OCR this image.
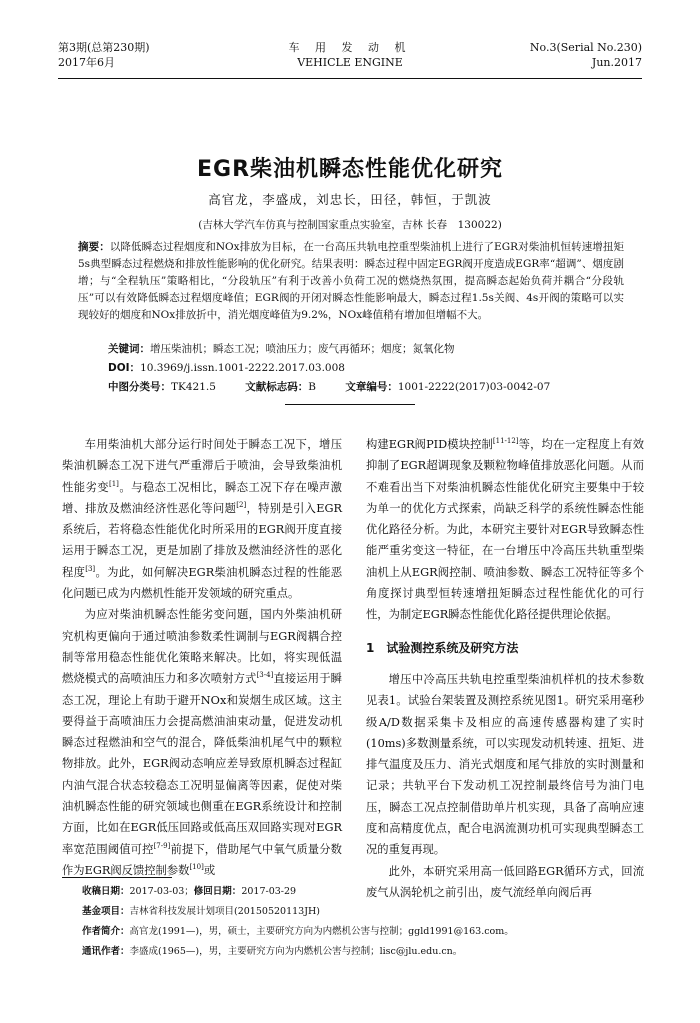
第3期(总第230期)
2017年6月
车 用 发 动 机
VEHICLE ENGINE
No.3(Serial No.230)
Jun.2017
EGR柴油机瞬态性能优化研究
高官龙，李盛成，刘忠长，田径，韩恒，于凯波
(吉林大学汽车仿真与控制国家重点实验室，吉林 长春　130022)
摘要：以降低瞬态过程烟度和NOx排放为目标，在一台高压共轨电控重型柴油机上进行了EGR对柴油机恒转速增扭矩5s典型瞬态过程燃烧和排放性能影响的优化研究。结果表明：瞬态过程中固定EGR阀开度造成EGR率“超调”、烟度剧增；与“全程轨压”策略相比，“分段轨压”有利于改善小负荷工况的燃烧热氛围，提高瞬态起始负荷并耦合“分段轨压”可以有效降低瞬态过程烟度峰值；EGR阀的开闭对瞬态性能影响最大，瞬态过程1.5s关阀、4s开阀的策略可以实现较好的烟度和NOx排放折中，消光烟度峰值为9.2%，NOx峰值稍有增加但增幅不大。
关键词：增压柴油机；瞬态工况；喷油压力；废气再循环；烟度；氮氧化物
DOI：10.3969/j.issn.1001-2222.2017.03.008
中图分类号：TK421.5	文献标志码：B	文章编号：1001-2222(2017)03-0042-07

车用柴油机大部分运行时间处于瞬态工况下，增压柴油机瞬态工况下进气严重滞后于喷油，会导致柴油机性能劣变[1]。与稳态工况相比，瞬态工况下存在噪声激增、排放及燃油经济性恶化等问题[2]，特别是引入EGR系统后，若将稳态性能优化时所采用的EGR阀开度直接运用于瞬态工况，更是加剧了排放及燃油经济性的恶化程度[3]。为此，如何解决EGR柴油机瞬态过程的性能恶化问题已成为内燃机性能开发领域的研究重点。

为应对柴油机瞬态性能劣变问题，国内外柴油机研究机构更偏向于通过喷油参数柔性调制与EGR阀耦合控制等常用稳态性能优化策略来解决。比如，将实现低温燃烧模式的高喷油压力和多次喷射方式[3-4]直接运用于瞬态工况，理论上有助于避开NOx和炭烟生成区域。这主要得益于高喷油压力会提高燃油油束动量，促进发动机瞬态过程燃油和空气的混合，降低柴油机尾气中的颗粒物排放。此外，EGR阀动态响应差导致原机瞬态过程缸内油气混合状态较稳态工况明显偏离等因素，促使对柴油机瞬态性能的研究领域也侧重在EGR系统设计和控制方面，比如在EGR低压回路或低高压双回路实现对EGR率宽范围阈值可控[7-9]前提下，借助尾气中氧气质量分数作为EGR阀反馈控制参数[10]或

构建EGR阀PID模块控制[11-12]等，均在一定程度上有效抑制了EGR超调现象及颗粒物峰值排放恶化问题。从而不难看出当下对柴油机瞬态性能优化研究主要集中于较为单一的优化方式探索，尚缺乏科学的系统性瞬态性能优化路径分析。为此，本研究主要针对EGR导致瞬态性能严重劣变这一特征，在一台增压中冷高压共轨重型柴油机上从EGR阀控制、喷油参数、瞬态工况特征等多个角度探讨典型恒转速增扭矩瞬态过程性能优化的可行性，为制定EGR瞬态性能优化路径提供理论依据。

1　试验测控系统及研究方法

增压中冷高压共轨电控重型柴油机样机的技术参数见表1。试验台架装置及测控系统见图1。研究采用毫秒级A/D数据采集卡及相应的高速传感器构建了实时(10ms)多数测量系统，可以实现发动机转速、扭矩、进排气温度及压力、消光式烟度和尾气排放的实时测量和记录；共轨平台下发动机工况控制最终信号为油门电压，瞬态工况点控制借助单片机实现，具备了高响应速度和高精度优点，配合电涡流测功机可实现典型瞬态工况的重复再现。

此外，本研究采用高一低回路EGR循环方式，回流废气从涡轮机之前引出，废气流经单向阀后再

收稿日期：2017-03-03；修回日期：2017-03-29
基金项目：吉林省科技发展计划项目(20150520113JH)
作者简介：高官龙(1991—)，男，硕士，主要研究方向为内燃机公害与控制；ggld1991@163.com。
通讯作者：李盛成(1965—)，男，主要研究方向为内燃机公害与控制；lisc@jlu.edu.cn。
